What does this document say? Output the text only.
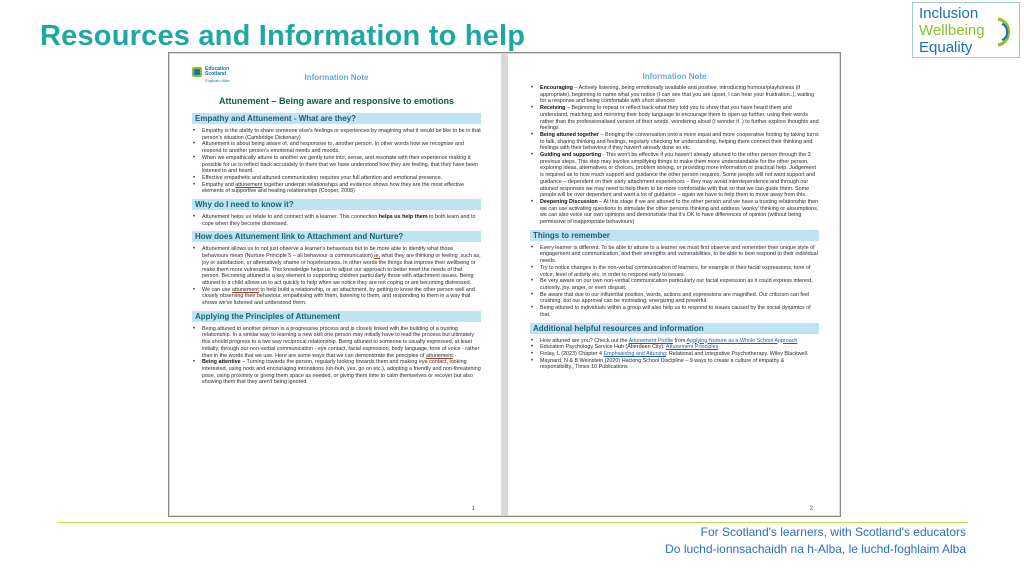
Resources and Information to help
Inclusion
Wellbeing
Equality
Education
Scotland
Foghlam Alba	Information Note
Attunement – Being aware and responsive to emotions
Empathy and Attunement - What are they?
• Empathy is the ability to share someone else's feelings or experiences by imagining what it would be like to be in that person's situation (Cambridge Dictionary)
• Attunement is about being aware of, and responsive to, another person. In other words how we recognise and respond to another person's emotional needs and moods.
• When we empathically attune to another we gently tune into, sense, and resonate with their experience making it possible for us to reflect back accurately to them that we have understood how they are feeling, that they have been listened to and heard.
• Effective empathetic and attuned communication requires your full attention and emotional presence.
• Empathy and attunement together underpin relationships and evidence shows how they are the most effective elements of supportive and healing relationships (Cooper, 2008)
Why do I need to know it?
• Attunement helps us relate to and connect with a learner. This connection helps us help them to both learn and to cope when they become distressed.
How does Attunement link to Attachment and Nurture?
• Attunement allows us to not just observe a learner's behaviours but to be more able to identify what those behaviours mean (Nurture Principle 5 – all behaviour is communication) ie, what they are thinking or feeling ,such as, joy or satisfaction, or alternatively shame or hopelessness. In other words the things that improve their wellbeing or make them more vulnerable. This knowledge helps us to adjust our approach to better meet the needs of that person. Becoming attuned is a key element to supporting children particularly those with attachment issues. Being attuned to a child allows us to act quickly to help when we notice they are not coping or are becoming distressed.
• We can use attunement to help build a relationship, or an attachment, by getting to know the other person well and closely observing their behaviour, empathising with them, listening to them, and responding to them in a way that shows we've listened and understood them.
Applying the Principles of Attunement
• Being attuned to another person is a progressive process and is closely linked with the building of a trusting relationship. In a similar way to learning a new skill one person may initially have to lead the process but ultimately this should progress to a two way reciprocal relationship. Being attuned to someone is usually expressed, at least initially, through our non-verbal communication - eye contact, facial expression, body language, tone of voice - rather than in the words that we use. Here are some ways that we can demonstrate the principles of attunement:-
• Being attentive – Turning towards the person, regularly looking towards them and making eye contact, looking interested, using nods and encouraging intonations (uh-huh, yes, go on etc.), adopting a friendly and non-threatening pose, using proximity or giving them space as needed, or giving them time to calm themselves or recover but also showing them that they aren't being ignored.
1
Information Note
• Encouraging – Actively listening, being emotionally available and positive, introducing humour/playfulness (if appropriate), beginning to name what you notice (I can see that you are upset, I can hear your frustration..), waiting for a response and being comfortable with short silences
• Receiving – Beginning to repeat or reflect back what they told you to show that you have heard them and understand, matching and mirroring their body language to encourage them to open up further, using their words rather than the professionalised version of their words, wondering aloud (I wonder if..) to further explore thoughts and feelings
• Being attuned together – Bringing the conversation onto a more equal and more cooperative footing by taking turns to talk, sharing thinking and feelings, regularly checking for understanding, helping them connect their thinking and feelings with their behaviour if they haven't already done so etc.
• Guiding and supporting - This won't be effective if you haven't already attuned to the other person through the 3 previous steps. This step may involve simplifying things to make them more understandable for the other person, exploring ideas, alternatives or choices, problem solving, or providing more information or practical help. Judgement is required as to how much support and guidance the other person requires. Some people will not want support and guidance – dependent on their early attachment experiences – they may avoid interdependence and through our attuned responses we may need to help them to be more comfortable with that so that we can guide them. Some people will be over dependent and want a lot of guidance – again we have to help them to move away from this.
• Deepening Discussion – At this stage if we are attuned to the other person and we have a trusting relationship then we can use activating questions to stimulate the other persons thinking and address 'wonky' thinking or assumptions, we can also voice our own opinions and demonstrate that it's OK to have differences of opinion (without being permissive of inappropriate behaviours)
Things to remember
• Every learner is different. To be able to attune to a learner we must first observe and remember their unique style of engagement and communication, and their strengths and vulnerabilities, to be able to best respond to their individual needs.
• Try to notice changes in the non-verbal communication of learners, for example in their facial expressions, tone of voice, level of activity etc. in order to respond early to issues.
• Be very aware on our own non-verbal communication particularly our facial expression as it could express interest, curiosity, joy, anger, or even disgust.
• Be aware that due to our influential position, words, actions and expressions are magnified. Our criticism can feel crushing, but our approval can be motivating, energizing and powerful.
• Being attuned to individuals within a group will also help us to respond to issues caused by the social dynamics of that.
Additional helpful resources and information
• How attuned are you? Check out the Attunement Profile from Applying Nurture as a Whole School Approach
• Education Psychology Service Hub (Aberdeen City): Attunement Principles
• Finlay, L (2023) Chapter 4 Emphasising and Attuning: Relational and Integrative Psychotherapy. Wiley Blackwell.
• Maynard, N & B Weinstein (2020) Hacking School Discipline – 9 ways to create a culture of empathy & responsibility., Times 10 Publications
2
For Scotland's learners, with Scotland's educators
Do luchd-ionnsachaidh na h-Alba, le luchd-foghlaim Alba
